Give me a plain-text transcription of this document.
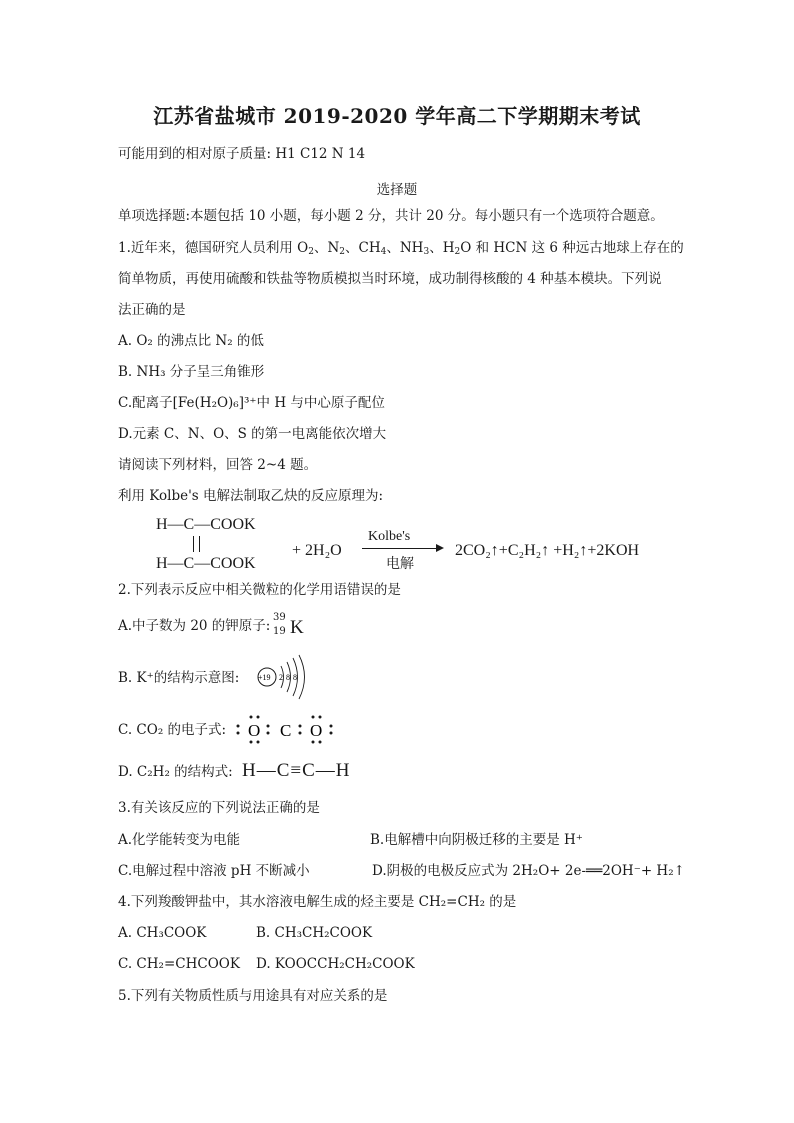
江苏省盐城市 2019-2020 学年高二下学期期末考试
可能用到的相对原子质量: H1 C12 N 14
选择题
单项选择题:本题包括 10 小题，每小题 2 分，共计 20 分。每小题只有一个选项符合题意。
1.近年来，德国研究人员利用 $O_2$、$N_2$、$CH_4$、$NH_3$、$H_2O$ 和 HCN 这 6 种远古地球上存在的
简单物质，再使用硫酸和铁盐等物质模拟当时环境，成功制得核酸的 4 种基本模块。下列说
法正确的是
A. O₂ 的沸点比 N₂ 的低
B. NH₃ 分子呈三角锥形
C.配离子[Fe(H₂O)₆]³⁺中 H 与中心原子配位
D.元素 C、N、O、S 的第一电离能依次增大
请阅读下列材料，回答 2~4 题。
利用 Kolbe's 电解法制取乙炔的反应原理为:
H—C—COOK
H—C—COOK
+ 2H₂O
Kolbe's
电解
2CO₂↑+C₂H₂↑ +H₂↑+2KOH
2.下列表示反应中相关微粒的化学用语错误的是
A.中子数为 20 的钾原子:
39
19 K
B. K⁺的结构示意图: +19 2 8 8
C. CO₂ 的电子式: O C O
D. C₂H₂ 的结构式: H—C≡C—H
3.有关该反应的下列说法正确的是
A.化学能转变为电能	B.电解槽中向阴极迁移的主要是 H⁺
C.电解过程中溶液 pH 不断减小	D.阴极的电极反应式为 2H₂O+ 2e-══2OH⁻+ H₂↑
4.下列羧酸钾盐中，其水溶液电解生成的烃主要是 CH₂=CH₂ 的是
A. CH₃COOK	B. CH₃CH₂COOK
C. CH₂=CHCOOK D. KOOCCH₂CH₂COOK
5.下列有关物质性质与用途具有对应关系的是
